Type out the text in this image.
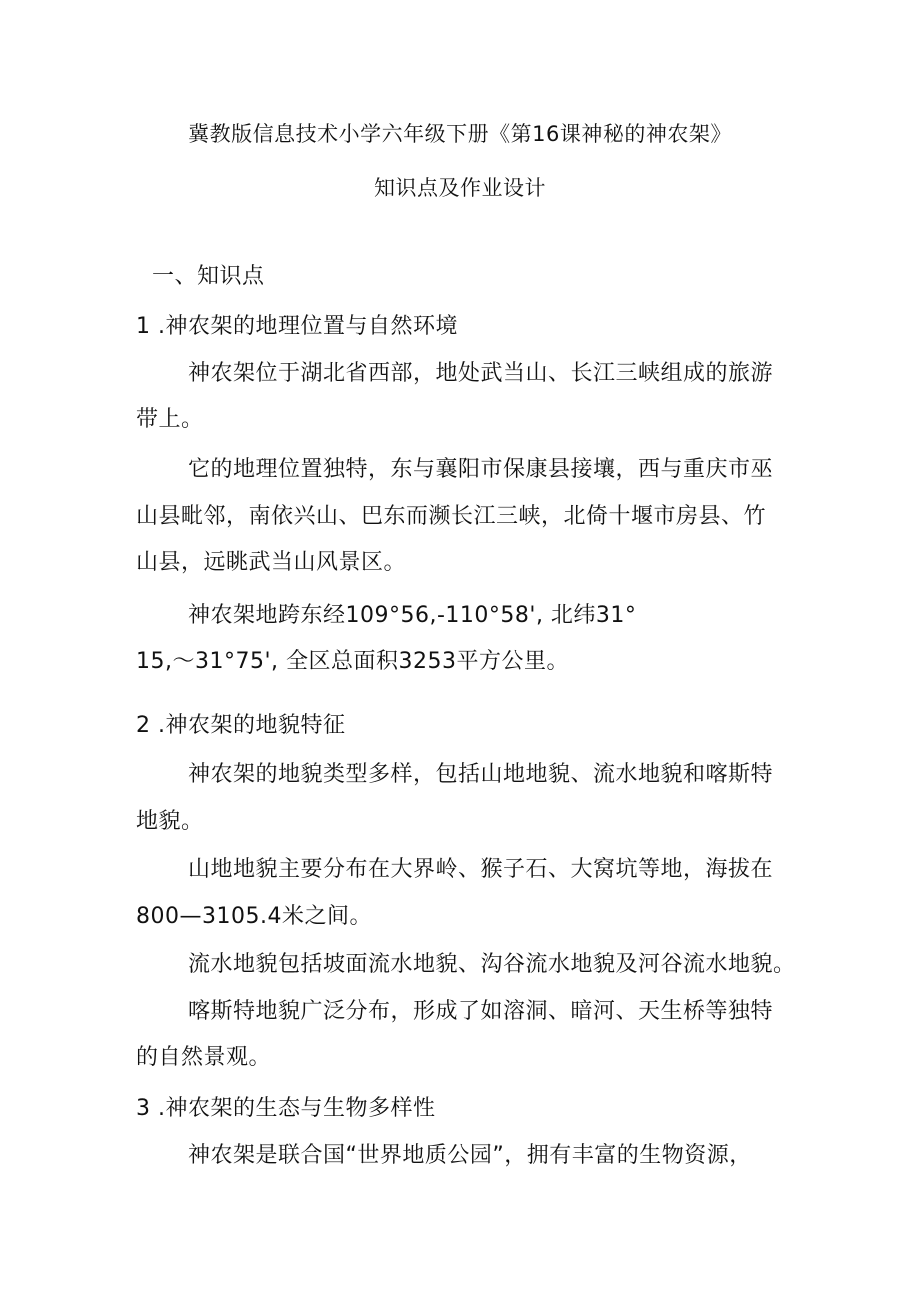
冀教版信息技术小学六年级下册《第16课神秘的神农架》
知识点及作业设计
一、知识点
1 .神农架的地理位置与自然环境
神农架位于湖北省西部，地处武当山、长江三峡组成的旅游
带上。
它的地理位置独特，东与襄阳市保康县接壤，西与重庆市巫
山县毗邻，南依兴山、巴东而濒长江三峡，北倚十堰市房县、竹
山县，远眺武当山风景区。
神农架地跨东经109°56,-110°58', 北纬31°
15,～31°75', 全区总面积3253平方公里。
2 .神农架的地貌特征
神农架的地貌类型多样，包括山地地貌、流水地貌和喀斯特
地貌。
山地地貌主要分布在大界岭、猴子石、大窝坑等地，海拔在
800—3105.4米之间。
流水地貌包括坡面流水地貌、沟谷流水地貌及河谷流水地貌。
喀斯特地貌广泛分布，形成了如溶洞、暗河、天生桥等独特
的自然景观。
3 .神农架的生态与生物多样性
神农架是联合国“世界地质公园”，拥有丰富的生物资源，
